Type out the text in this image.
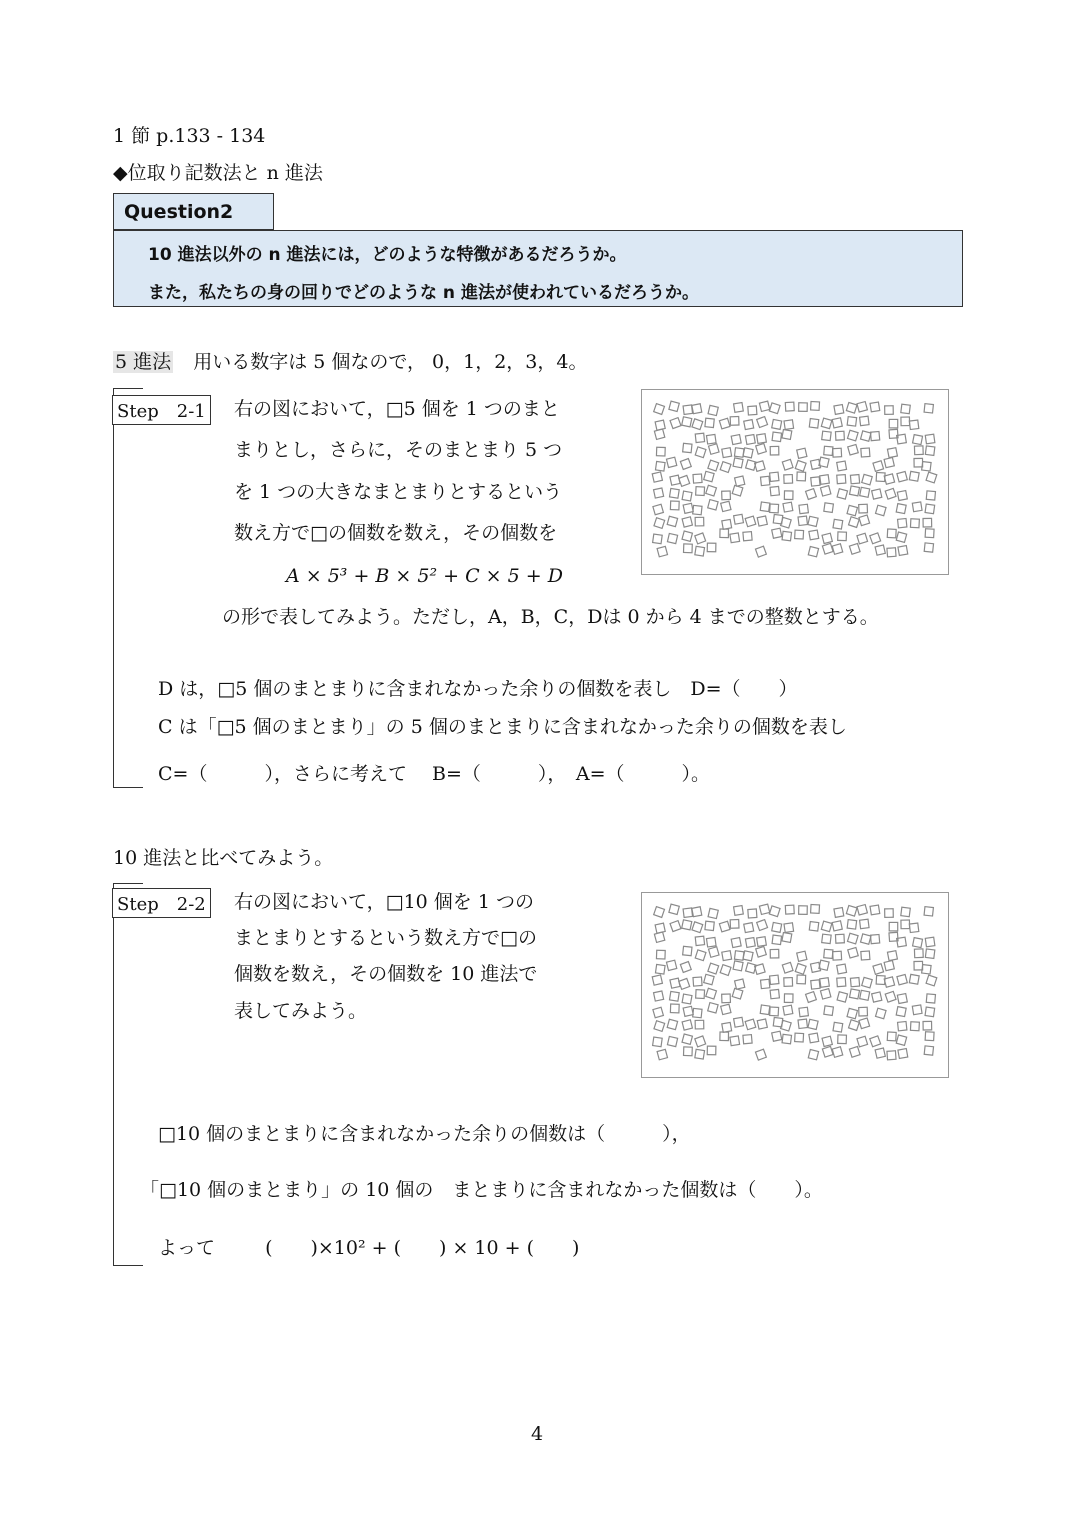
1 節 p.133 - 134
◆位取り記数法と n 進法
Question2
10 進法以外の n 進法には，どのような特徴があるだろうか。
また，私たちの身の回りでどのような n 進法が使われているだろうか。
5 進法 用いる数字は 5 個なので， 0，1，2，3，4。
Step　2-1 右の図において，□5 個を 1 つのまと
まりとし，さらに，そのまとまり 5 つ
を 1 つの大きなまとまりとするという
数え方で□の個数を数え，その個数を
A × 5³ + B × 5² + C × 5 + D
の形で表してみよう。ただし，A，B，C，Dは 0 から 4 までの整数とする。
D は，□5 個のまとまりに含まれなかった余りの個数を表し　D=（　　）
C は「□5 個のまとまり」の 5 個のまとまりに含まれなかった余りの個数を表し
C=（　　　），さらに考えて　 B=（　　　），　A=（　　　）。
10 進法と比べてみよう。
Step　2-2 右の図において，□10 個を 1 つの
まとまりとするという数え方で□の
個数を数え，その個数を 10 進法で
表してみよう。
□10 個のまとまりに含まれなかった余りの個数は（　　　），
「□10 個のまとまり」の 10 個の　まとまりに含まれなかった個数は（　　）。
よって	(　　)×10² + (　　) × 10 + (　　)
4
